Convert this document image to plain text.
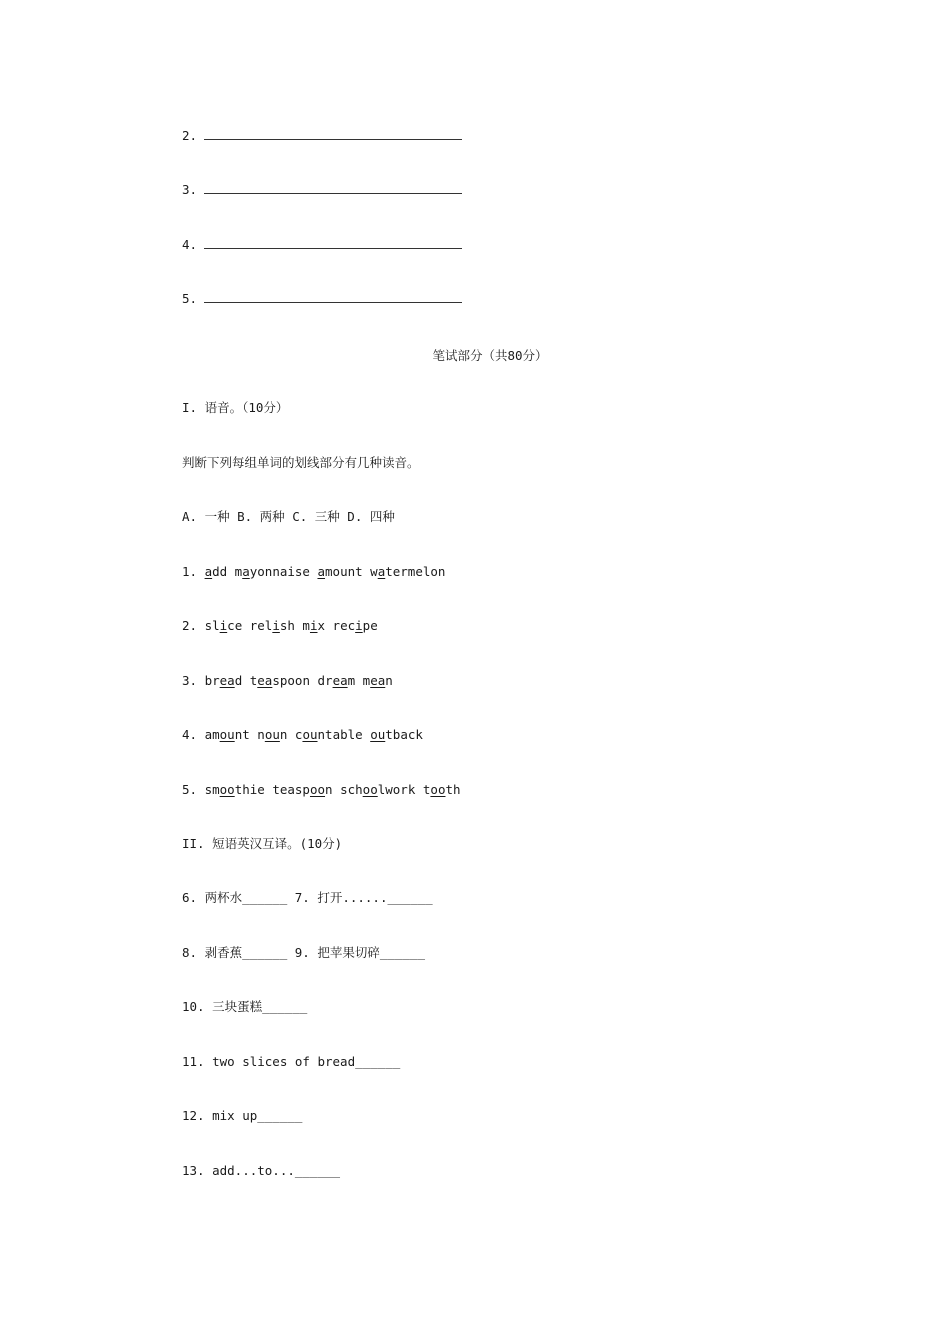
2.
3.
4.
5.
笔试部分（共80分）
I. 语音。（10分）
判断下列每组单词的划线部分有几种读音。
A. 一种 B. 两种 C. 三种 D. 四种
1. add mayonnaise amount watermelon
2. slice relish mix recipe
3. bread teaspoon dream mean
4. amount noun countable outback
5. smoothie teaspoon schoolwork tooth
II. 短语英汉互译。(10分)
6. 两杯水______ 7. 打开......______
8. 剥香蕉______ 9. 把苹果切碎______
10. 三块蛋糕______
11. two slices of bread______
12. mix up______
13. add...to...______
